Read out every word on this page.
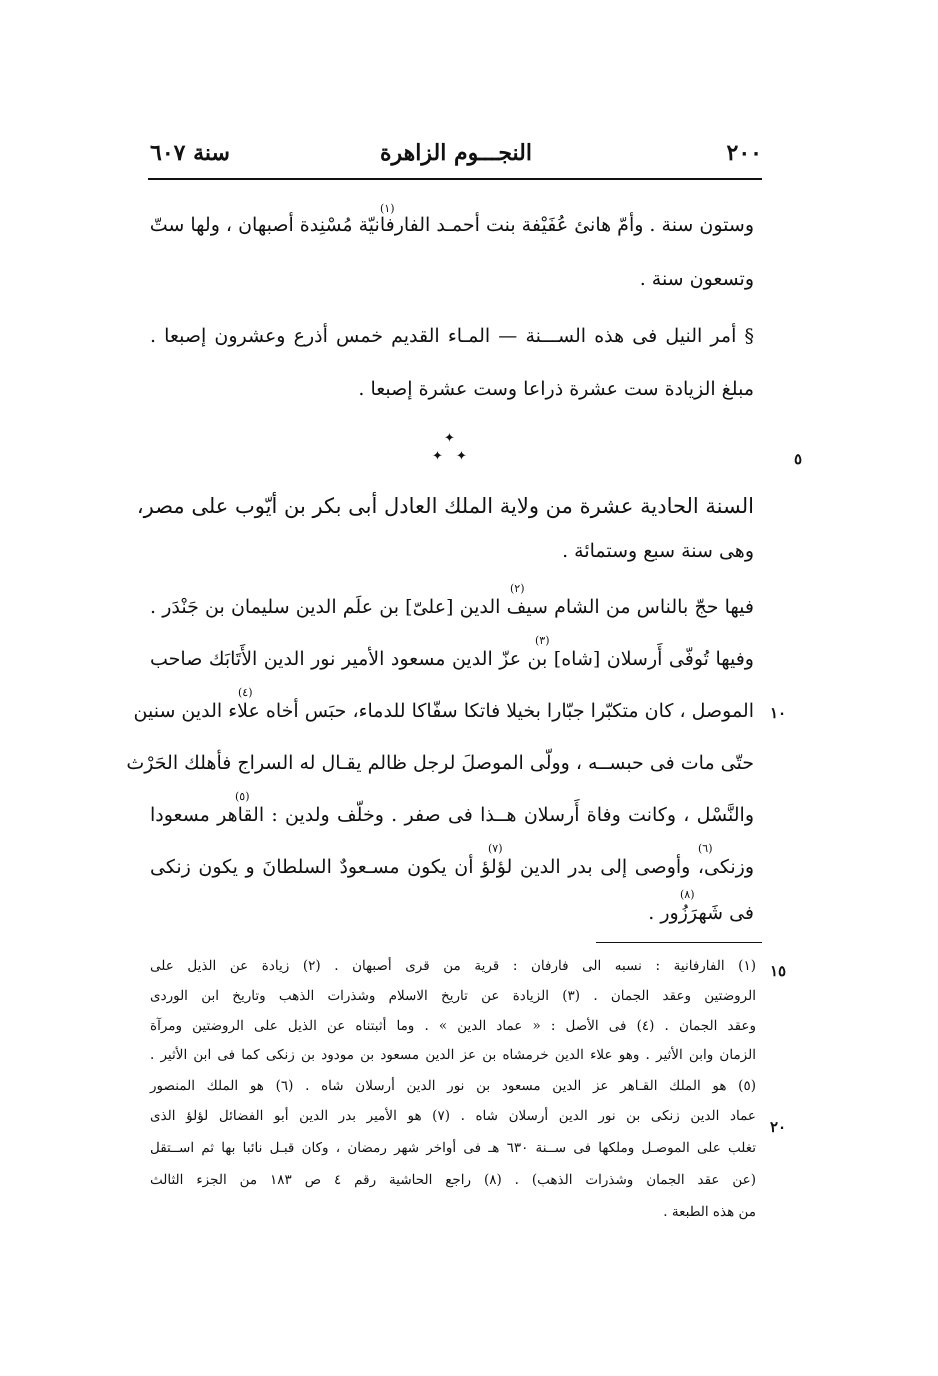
٢٠٠
النجـــوم الزاهرة
سنة ٦٠٧
وستون سنة . وأمّ هانئ عُفَيْفة بنت أحمـد الفارفانيّة مُسْنِدة أصبهان ، ولها ستّ
(١)
وتسعون سنة .
§ أمر النيل فى هذه الســـنة — المـاء القديم خمس أذرع وعشرون إصبعا .
مبلغ الزيادة ست عشرة ذراعا وست عشرة إصبعا .
✦
✦ ✦	٥
السنة الحادية عشرة من ولاية الملك العادل أبى بكر بن أيّوب على مصر،
وهى سنة سبع وستمائة .
فيها حجّ بالناس من الشام سيف الدين [علىّ] بن علَم الدين سليمان بن جَنْدَر .
(٢)
وفيها تُوفّى أَرسلان [شاه] بن عزّ الدين مسعود الأمير نور الدين الأَتَابَك صاحب
(٣)
الموصل ، كان متكبّرا جبّارا بخيلا فاتكا سفّاكا للدماء، حبَس أخاه علاء الدين سنين
(٤)
١٠
حتّى مات فى حبســه ، وولّى الموصلَ لرجل ظالم يقـال له السراج فأهلك الحَرْث
والنَّسْل ، وكانت وفاة أَرسلان هــذا فى صفر . وخلّف ولدين : القاهر مسعودا
(٥)
وزنكى، وأوصى إلى بدر الدين لؤلؤ أن يكون مسـعودٌ السلطانَ و يكون زنكى
(٦)
(٧)
فى شَهرَزُور .
(٨)
١٥
(١) الفارفانية : نسبه الى فارفان : قرية من قرى أصبهان . (٢) زيادة عن الذيل على
الروضتين وعقد الجمان . (٣) الزيادة عن تاريخ الاسلام وشذرات الذهب وتاريخ ابن الوردى
وعقد الجمان . (٤) فى الأصل : « عماد الدين » . وما أثبتناه عن الذيل على الروضتين ومرآة
الزمان وابن الأثير . وهو علاء الدين خرمشاه بن عز الدين مسعود بن مودود بن زنكى كما فى ابن الأثير .
(٥) هو الملك القـاهر عز الدين مسعود بن نور الدين أرسلان شاه . (٦) هو الملك المنصور
٢٠
عماد الدين زنكى بن نور الدين أرسلان شاه . (٧) هو الأمير بدر الدين أبو الفضائل لؤلؤ الذى
تغلب على الموصـل وملكها فى ســنة ٦٣٠ هـ فى أواخر شهر رمضان ، وكان قبـل نائبا بها ثم اســتقل
(عن عقد الجمان وشذرات الذهب) . (٨) راجع الحاشية رقم ٤ ص ١٨٣ من الجزء الثالث
من هذه الطبعة .
